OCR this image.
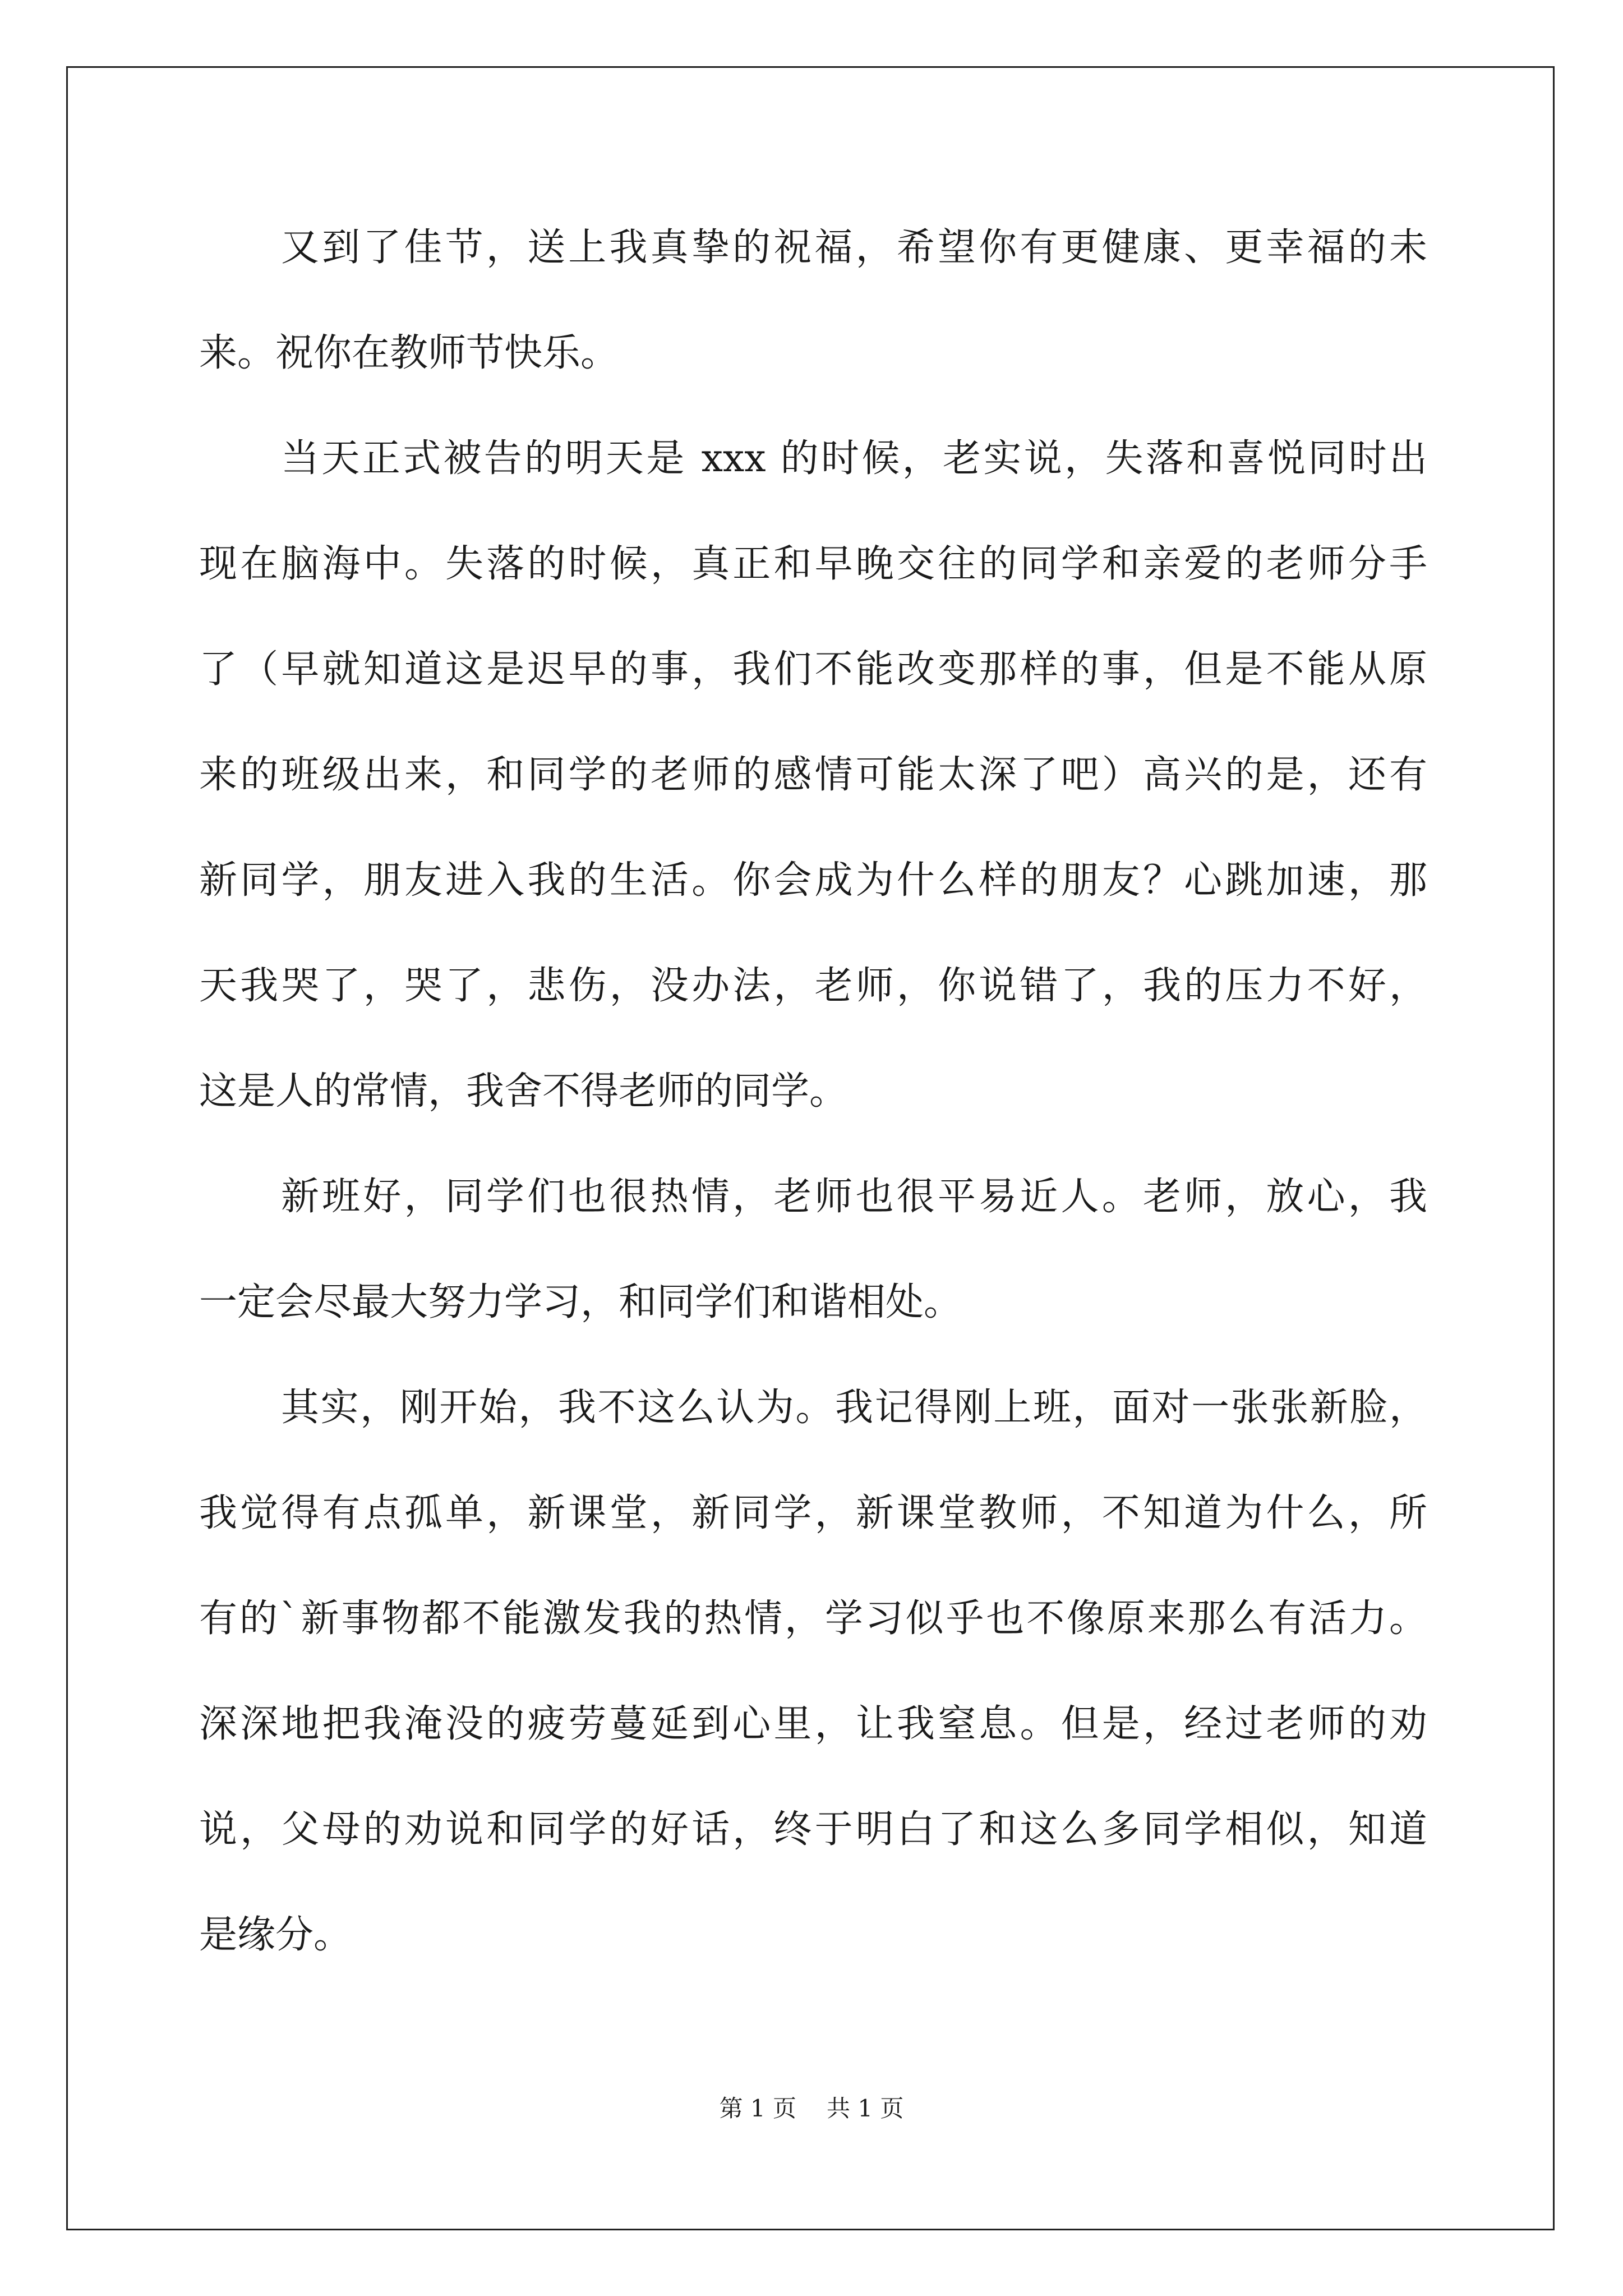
又到了佳节，送上我真挚的祝福，希望你有更健康、更幸福的未
来。祝你在教师节快乐。
当天正式被告的明天是 xxx 的时候，老实说，失落和喜悦同时出
现在脑海中。失落的时候，真正和早晚交往的同学和亲爱的老师分手
了（早就知道这是迟早的事，我们不能改变那样的事，但是不能从原
来的班级出来，和同学的老师的感情可能太深了吧）高兴的是，还有
新同学，朋友进入我的生活。你会成为什么样的朋友？心跳加速，那
天我哭了，哭了，悲伤，没办法，老师，你说错了，我的压力不好，
这是人的常情，我舍不得老师的同学。
新班好，同学们也很热情，老师也很平易近人。老师，放心，我
一定会尽最大努力学习，和同学们和谐相处。
其实，刚开始，我不这么认为。我记得刚上班，面对一张张新脸，
我觉得有点孤单，新课堂，新同学，新课堂教师，不知道为什么，所
有的`新事物都不能激发我的热情，学习似乎也不像原来那么有活力。
深深地把我淹没的疲劳蔓延到心里，让我窒息。但是，经过老师的劝
说，父母的劝说和同学的好话，终于明白了和这么多同学相似，知道
是缘分。
第 1 页 共 1 页
